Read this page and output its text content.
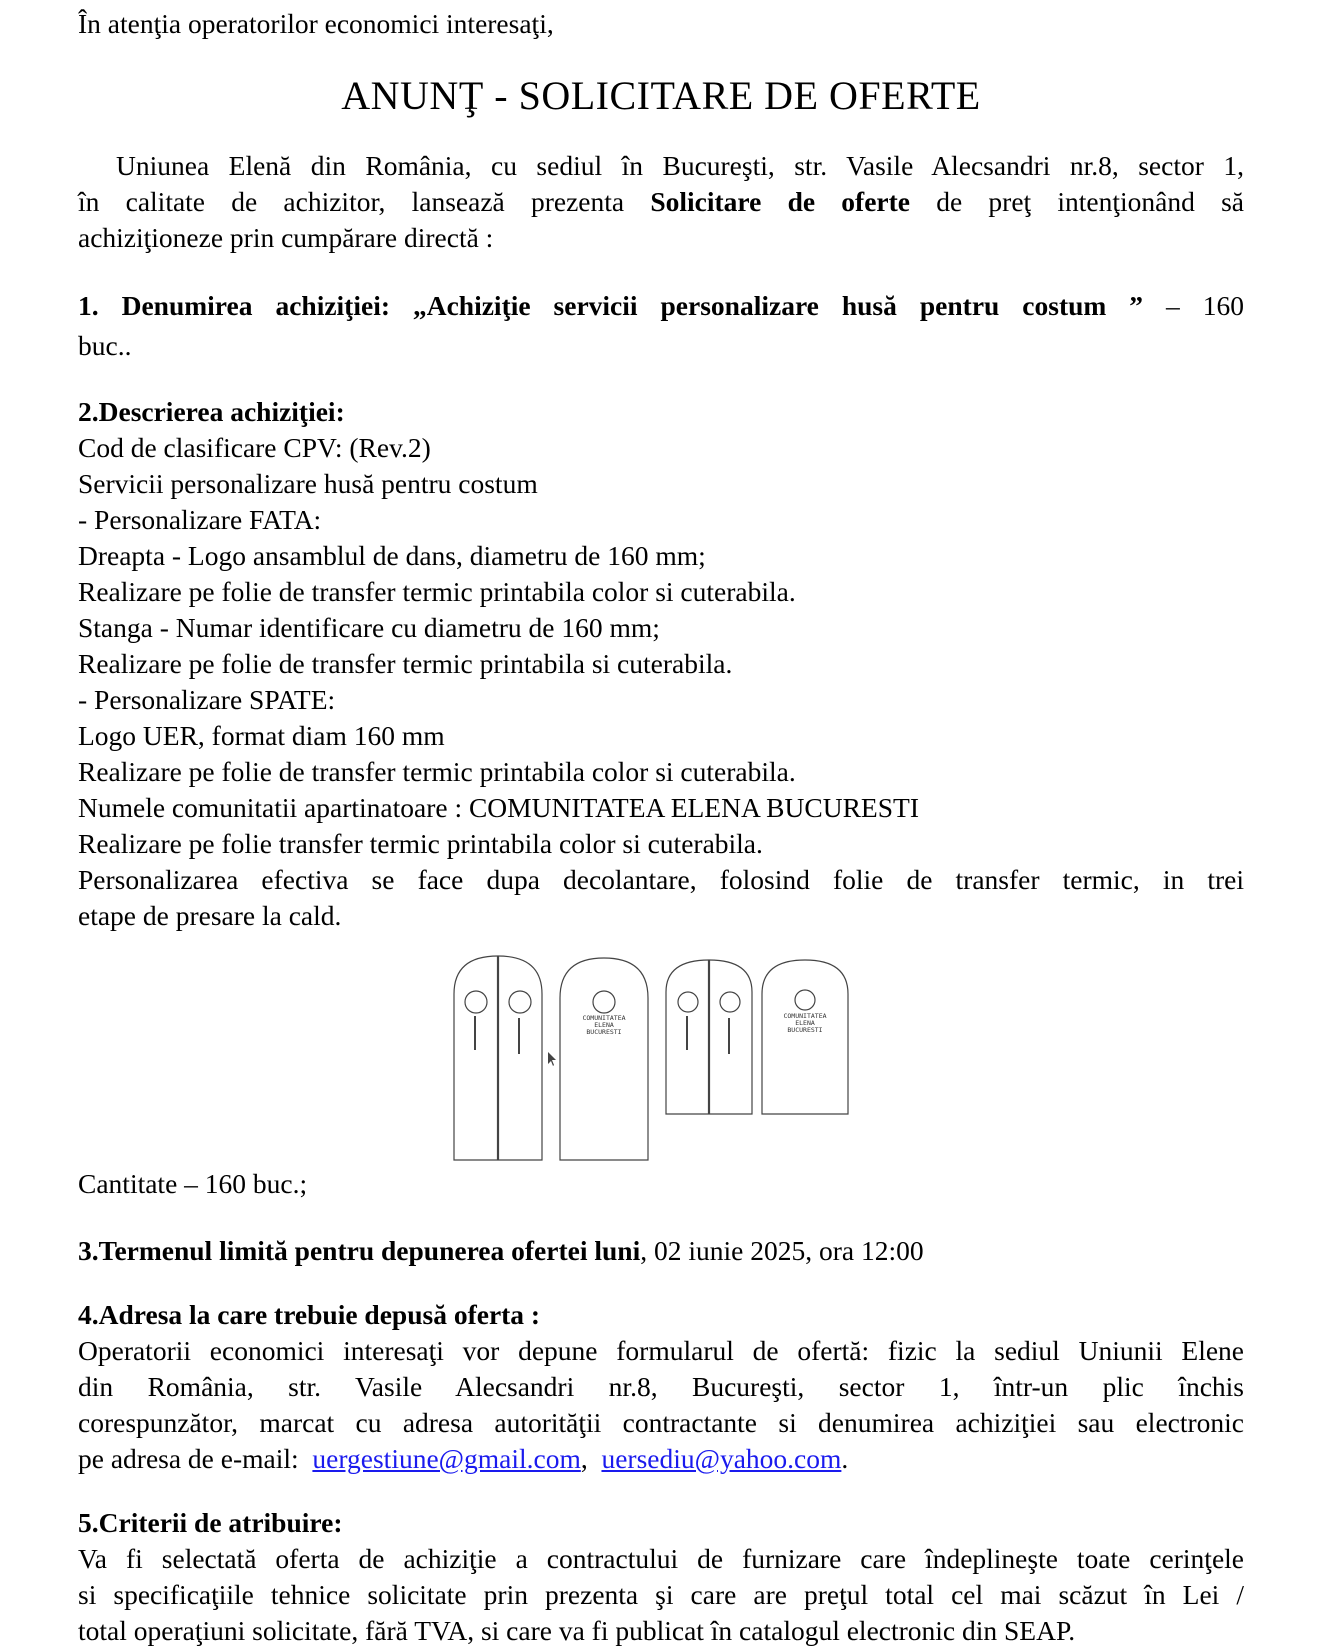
În atenţia operatorilor economici interesaţi,
ANUNŢ - SOLICITARE DE OFERTE
Uniunea Elenă din România, cu sediul în Bucureşti, str. Vasile Alecsandri nr.8, sector 1,
în calitate de achizitor, lansează prezenta Solicitare de oferte de preţ intenţionând să
achiziţioneze prin cumpărare directă :
1. Denumirea achiziţiei: „Achiziţie servicii personalizare husă pentru costum ” – 160
buc..
2.Descrierea achiziţiei:
Cod de clasificare CPV: (Rev.2)
Servicii personalizare husă pentru costum
- Personalizare FATA:
Dreapta - Logo ansamblul de dans, diametru de 160 mm;
Realizare pe folie de transfer termic printabila color si cuterabila.
Stanga - Numar identificare cu diametru de 160 mm;
Realizare pe folie de transfer termic printabila si cuterabila.
- Personalizare SPATE:
Logo UER, format diam 160 mm
Realizare pe folie de transfer termic printabila color si cuterabila.
Numele comunitatii apartinatoare : COMUNITATEA ELENA BUCURESTI
Realizare pe folie transfer termic printabila color si cuterabila.
Personalizarea efectiva se face dupa decolantare, folosind folie de transfer termic, in trei
etape de presare la cald.
Cantitate – 160 buc.;
3.Termenul limită pentru depunerea ofertei luni, 02 iunie 2025, ora 12:00
4.Adresa la care trebuie depusă oferta :
Operatorii economici interesaţi vor depune formularul de ofertă: fizic la sediul Uniunii Elene
din România, str. Vasile Alecsandri nr.8, Bucureşti, sector 1, într-un plic închis
corespunzător, marcat cu adresa autorităţii contractante si denumirea achiziţiei sau electronic
pe adresa de e-mail: uergestiune@gmail.com, uersediu@yahoo.com.
5.Criterii de atribuire:
Va fi selectată oferta de achiziţie a contractului de furnizare care îndeplineşte toate cerinţele
si specificaţiile tehnice solicitate prin prezenta şi care are preţul total cel mai scăzut în Lei /
total operaţiuni solicitate, fără TVA, si care va fi publicat în catalogul electronic din SEAP.
COMUNITATEA
ELENA
BUCURESTI
COMUNITATEA
ELENA
BUCURESTI
